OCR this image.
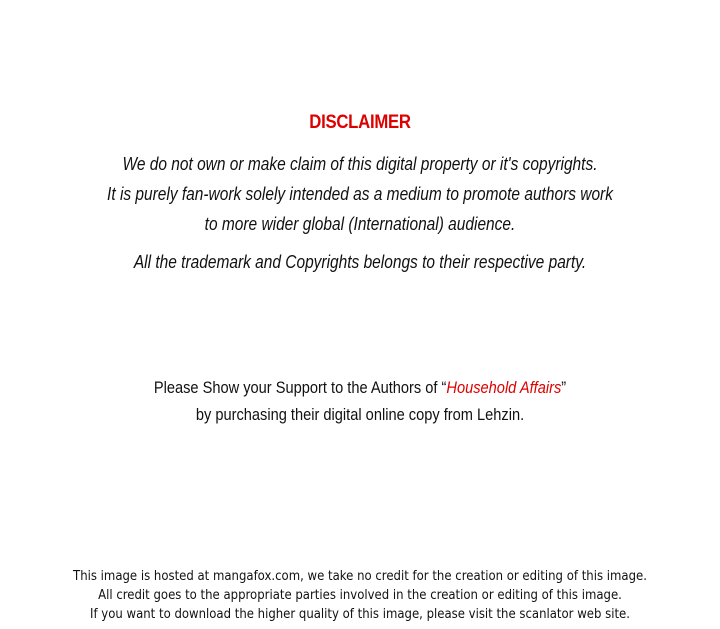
DISCLAIMER
We do not own or make claim of this digital property or it's copyrights.
It is purely fan-work solely intended as a medium to promote authors work
to more wider global (International) audience.
All the trademark and Copyrights belongs to their respective party.
Please Show your Support to the Authors of “Household Affairs”
by purchasing their digital online copy from Lehzin.
This image is hosted at mangafox.com, we take no credit for the creation or editing of this image.
All credit goes to the appropriate parties involved in the creation or editing of this image.
If you want to download the higher quality of this image, please visit the scanlator web site.
